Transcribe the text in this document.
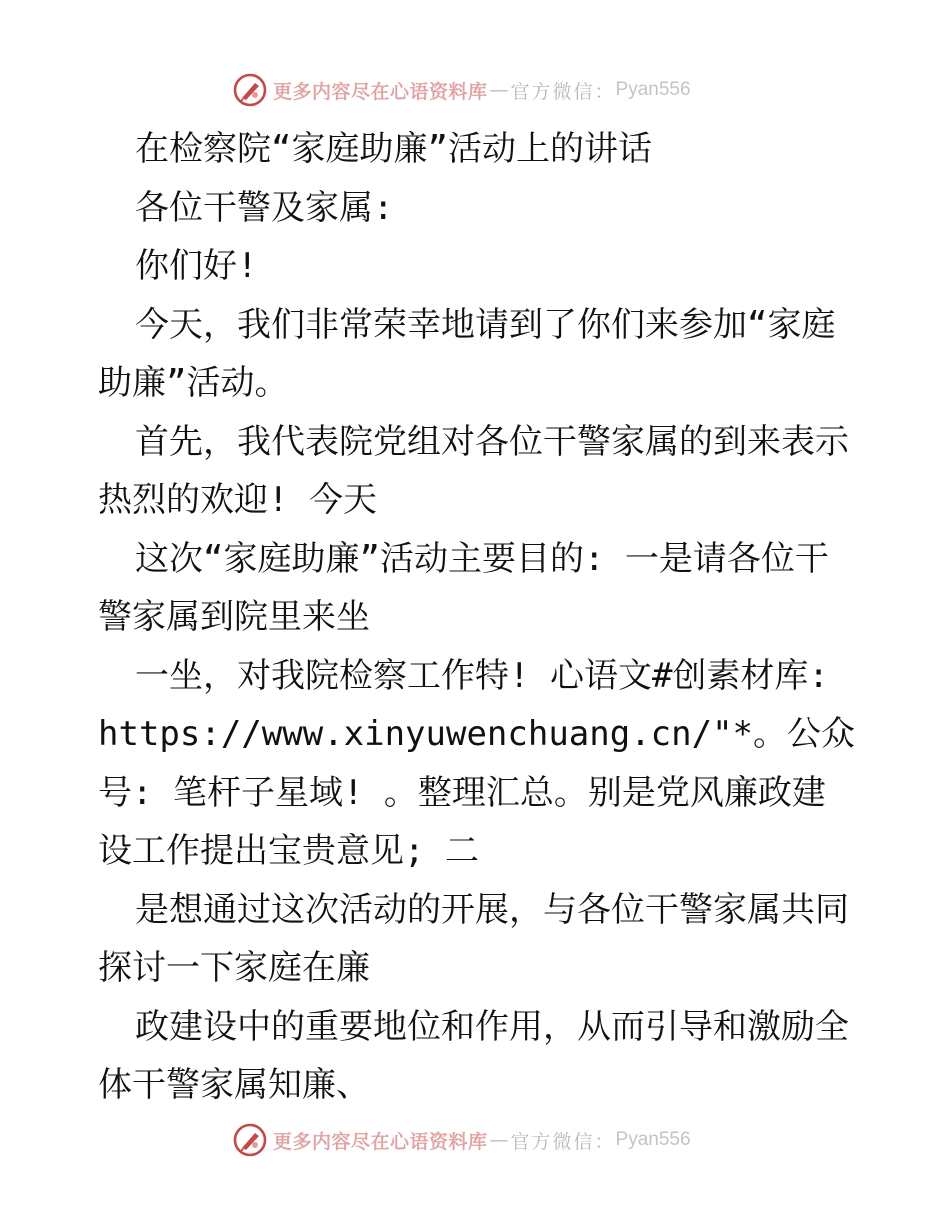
更多内容尽在心语资料库 — 官方微信： Pyan556

在检察院“家庭助廉”活动上的讲话

各位干警及家属:

你们好!

今天，我们非常荣幸地请到了你们来参加“家庭助廉”活动。

首先，我代表院党组对各位干警家属的到来表示热烈的欢迎! 今天

这次“家庭助廉”活动主要目的: 一是请各位干警家属到院里来坐

一坐，对我院检察工作特! 心语文#创素材库: https://www.xinyuwenchuang.cn/"*。公众号: 笔杆子星域! 。整理汇总。别是党风廉政建设工作提出宝贵意见; 二

是想通过这次活动的开展，与各位干警家属共同探讨一下家庭在廉

政建设中的重要地位和作用，从而引导和激励全体干警家属知廉、

更多内容尽在心语资料库 — 官方微信： Pyan556
